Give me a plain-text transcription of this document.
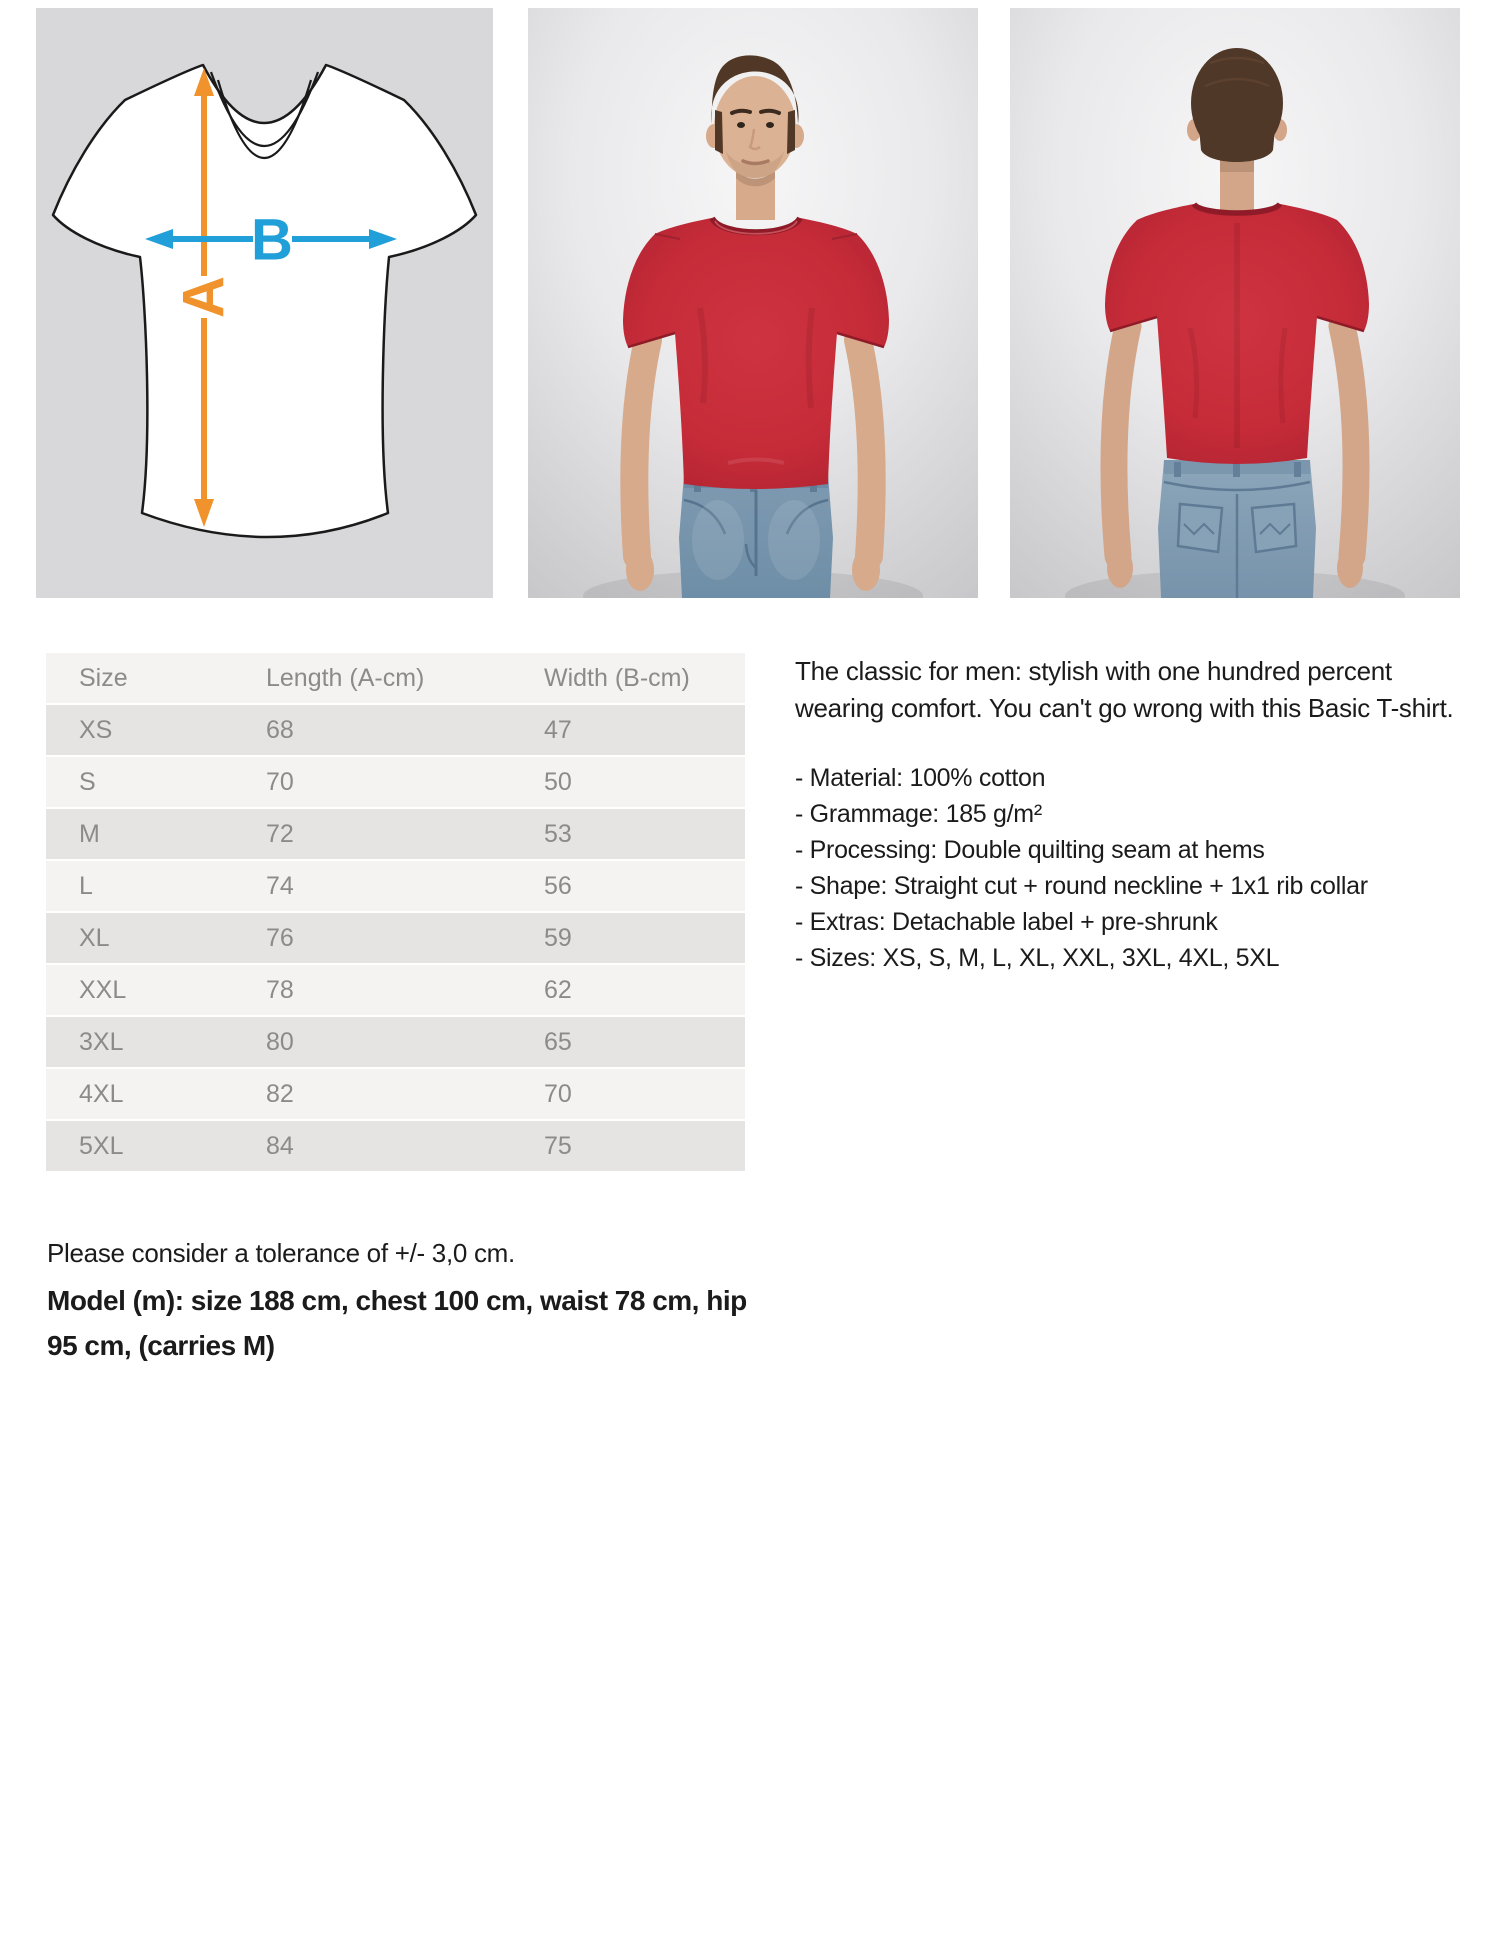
A
B
Size	Length (A-cm)	Width (B-cm)
XS	68	47
S	70	50
M	72	53
L	74	56
XL	76	59
XXL	78	62
3XL	80	65
4XL	82	70
5XL	84	75

The classic for men: stylish with one hundred percent wearing comfort. You can't go wrong with this Basic T-shirt.

- Material: 100% cotton
- Grammage: 185 g/m²
- Processing: Double quilting seam at hems
- Shape: Straight cut + round neckline + 1x1 rib collar
- Extras: Detachable label + pre-shrunk
- Sizes: XS, S, M, L, XL, XXL, 3XL, 4XL, 5XL

Please consider a tolerance of +/- 3,0 cm.

Model (m): size 188 cm, chest 100 cm, waist 78 cm, hip 95 cm, (carries M)
